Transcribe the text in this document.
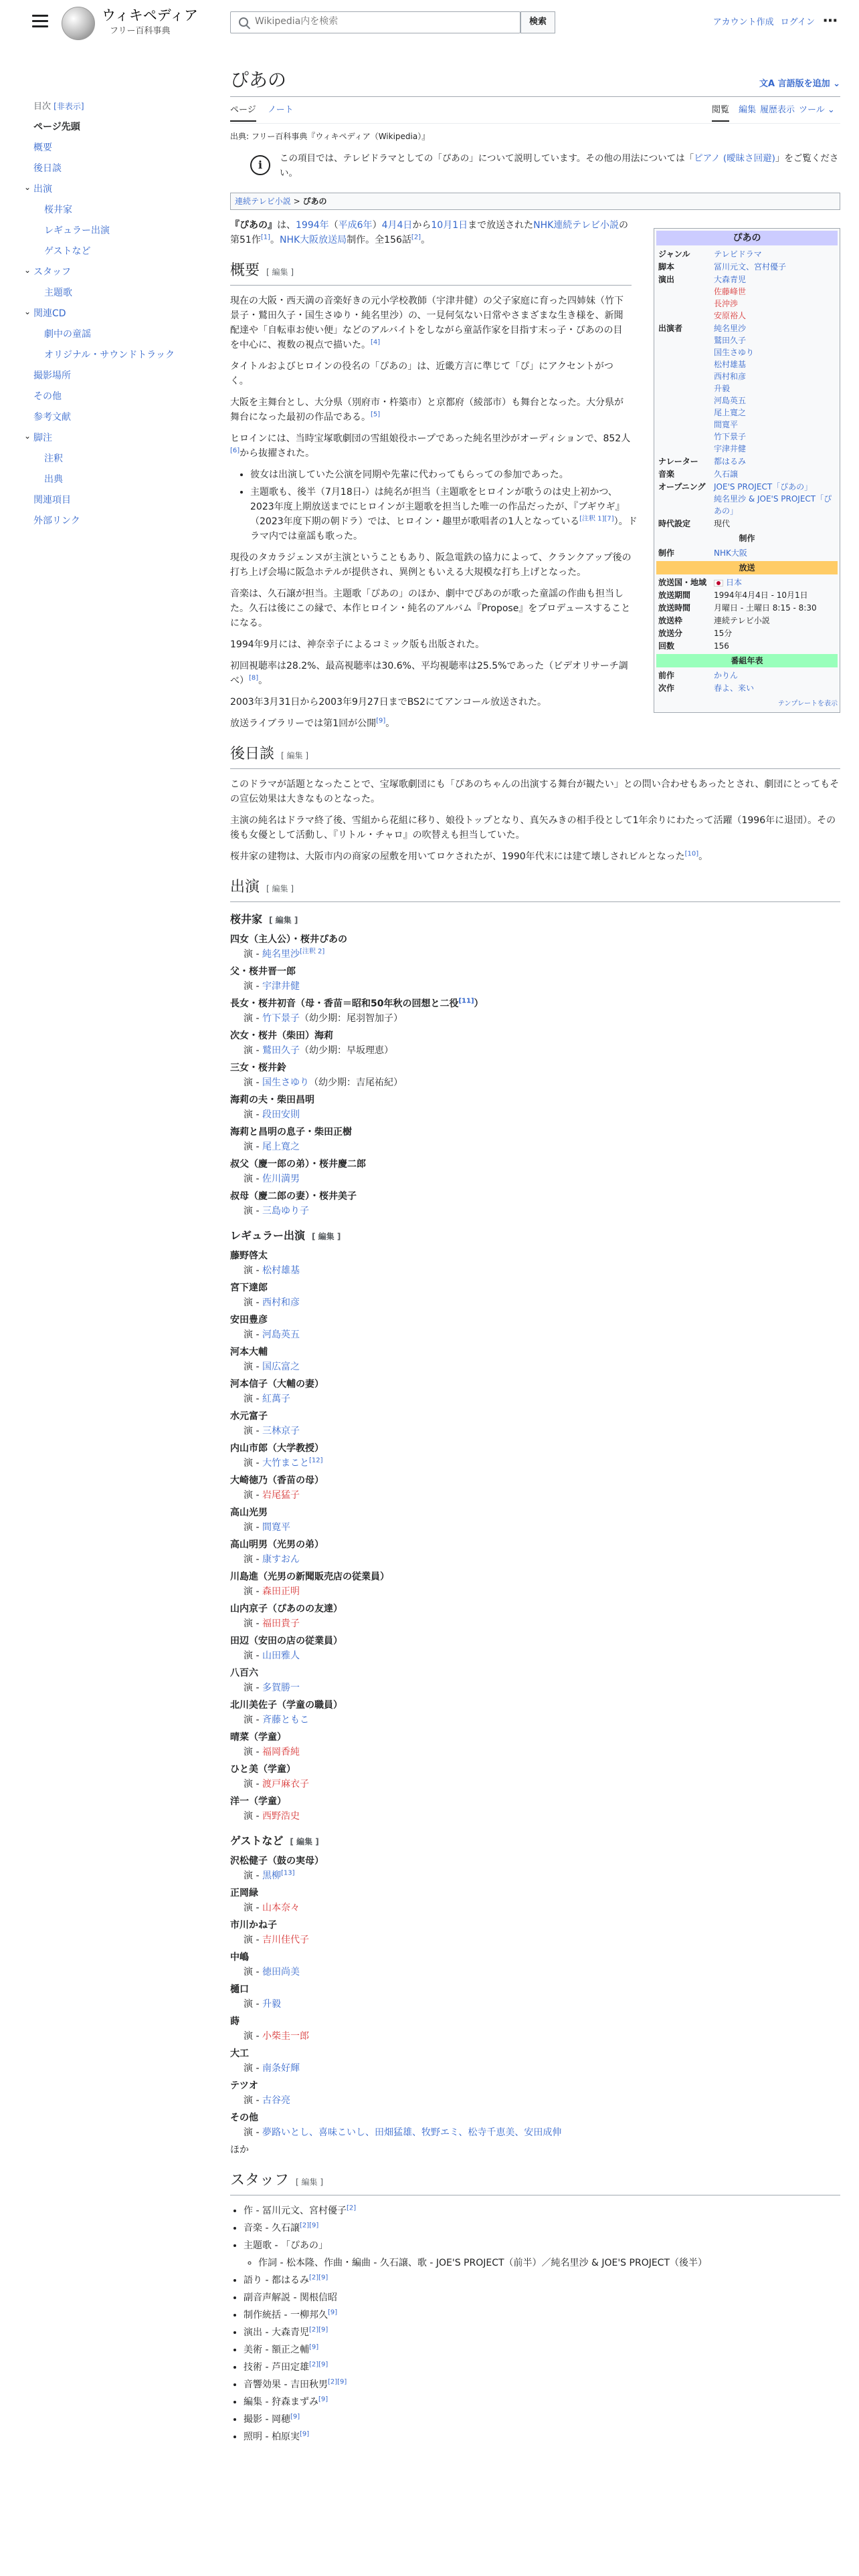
ウィキペディア
フリー百科事典
Wikipedia内を検索
検索	アカウント作成 ログイン ⋯
目次 [非表示]
ページ先頭
概要
後日談
⌄ 出演
桜井家
レギュラー出演
ゲストなど
⌄ スタッフ
主題歌
⌄ 関連CD
劇中の童謡
オリジナル・サウンドトラック
撮影場所
その他
参考文献
⌄ 脚注
注釈
出典
関連項目
外部リンク
ぴあの	文A 言語版を追加 ⌄
ページ ノート	閲覧 編集 履歴表示 ツール ⌄
出典: フリー百科事典『ウィキペディア（Wikipedia）』
i	この項目では、テレビドラマとしての「ぴあの」について説明しています。その他の用法については「ピアノ (曖昧さ回避)」をご覧ください。
連続テレビ小説 > ぴあの

『ぴあの』は、1994年（平成6年）4月4日から10月1日まで放送されたNHK連続テレビ小説の第51作[1]。NHK大阪放送局制作。全156話[2]。	ぴあの
ジャンル	テレビドラマ
脚本	冨川元文、宮村優子
演出	大森青児
佐藤峰世
長沖渉
安原裕人
出演者	純名里沙
鷲田久子
国生さゆり
松村雄基
西村和彦
升毅
河島英五
尾上寛之
間寛平
竹下景子
宇津井健
ナレーター	都はるみ
音楽	久石譲
オープニング	JOE'S PROJECT「ぴあの」
純名里沙 & JOE'S PROJECT「ぴあの」
時代設定	現代
制作
制作	NHK大阪
放送
放送国・地域	日本
放送期間	1994年4月4日 - 10月1日
放送時間	月曜日 - 土曜日 8:15 - 8:30
放送枠	連続テレビ小説
放送分	15分
回数	156
番組年表
前作	かりん
次作	春よ、来い
テンプレートを表示
概要 [ 編集 ]

現在の大阪・西天満の音楽好きの元小学校教師（宇津井健）の父子家庭に育った四姉妹（竹下景子・鷲田久子・国生さゆり・純名里沙）の、一見何気ない日常やさまざまな生き様を、新聞配達や「自転車お使い便」などのアルバイトをしながら童話作家を目指す末っ子・ぴあのの目を中心に、複数の視点で描いた。[4]

タイトルおよびヒロインの役名の「ぴあの」は、近畿方言に準じて「ぴ」にアクセントがつく。

大阪を主舞台とし、大分県（別府市・杵築市）と京都府（綾部市）も舞台となった。大分県が舞台になった最初の作品である。[5]

ヒロインには、当時宝塚歌劇団の雪組娘役ホープであった純名里沙がオーディションで、852人[6]から抜擢された。

• 彼女は出演していた公演を同期や先輩に代わってもらっての参加であった。
• 主題歌も、後半（7月18日-）は純名が担当（主題歌をヒロインが歌うのは史上初かつ、2023年度上期放送までにヒロインが主題歌を担当した唯一の作品だったが、『ブギウギ』（2023年度下期の朝ドラ）では、ヒロイン・趣里が歌唱者の1人となっている[注釈 1][7]）。ドラマ内では童謡も歌った。

現役のタカラジェンヌが主演ということもあり、阪急電鉄の協力によって、クランクアップ後の打ち上げ会場に阪急ホテルが提供され、異例ともいえる大規模な打ち上げとなった。

音楽は、久石譲が担当。主題歌「ぴあの」のほか、劇中でぴあのが歌った童謡の作曲も担当した。久石は後にこの縁で、本作ヒロイン・純名のアルバム『Propose』をプロデュースすることになる。

1994年9月には、神奈幸子によるコミック版も出版された。

初回視聴率は28.2%、最高視聴率は30.6%、平均視聴率は25.5%であった（ビデオリサーチ調べ）[8]。

2003年3月31日から2003年9月27日までBS2にてアンコール放送された。

放送ライブラリーでは第1回が公開[9]。

後日談 [ 編集 ]

このドラマが話題となったことで、宝塚歌劇団にも「ぴあのちゃんの出演する舞台が観たい」との問い合わせもあったとされ、劇団にとってもその宣伝効果は大きなものとなった。

主演の純名はドラマ終了後、雪組から花組に移り、娘役トップとなり、真矢みきの相手役として1年余りにわたって活躍（1996年に退団）。その後も女優として活動し、『リトル・チャロ』の吹替えも担当していた。

桜井家の建物は、大阪市内の商家の屋敷を用いてロケされたが、1990年代末には建て壊しされビルとなった[10]。

出演 [ 編集 ]
桜井家 [ 編集 ]
四女（主人公）・桜井ぴあの
演 - 純名里沙[注釈 2]
父・桜井晋一郎
演 - 宇津井健
長女・桜井初音（母・香苗＝昭和50年秋の回想と二役[11]）
演 - 竹下景子（幼少期：尾羽智加子）
次女・桜井（柴田）海莉
演 - 鷲田久子（幼少期：早坂理恵）
三女・桜井鈴
演 - 国生さゆり（幼少期：吉尾祐紀）
海莉の夫・柴田昌明
演 - 段田安則
海莉と昌明の息子・柴田正樹
演 - 尾上寛之
叔父（慶一郎の弟）・桜井慶二郎
演 - 佐川満男
叔母（慶二郎の妻）・桜井美子
演 - 三島ゆり子
レギュラー出演 [ 編集 ]
藤野啓太
演 - 松村雄基
宮下達郎
演 - 西村和彦
安田豊彦
演 - 河島英五
河本大輔
演 - 国広富之
河本信子（大輔の妻）
演 - 紅萬子
水元富子
演 - 三林京子
内山市郎（大学教授）
演 - 大竹まこと[12]
大崎徳乃（香苗の母）
演 - 岩尾猛子
高山光男
演 - 間寛平
高山明男（光男の弟）
演 - 康すおん
川島進（光男の新聞販売店の従業員）
演 - 森田正明
山内京子（ぴあのの友達）
演 - 福田貴子
田辺（安田の店の従業員）
演 - 山田雅人
八百六
演 - 多賀勝一
北川美佐子（学童の職員）
演 - 斉藤ともこ
晴菜（学童）
演 - 福岡香純
ひと美（学童）
演 - 渡戸麻衣子
洋一（学童）
演 - 西野浩史
ゲストなど [ 編集 ]
沢松健子（鼓の実母）
演 - 黒柳[13]
正岡緑
演 - 山本奈々
市川かね子
演 - 吉川佳代子
中嶋
演 - 徳田尚美
樋口
演 - 升毅
蒔
演 - 小柴圭一郎
大工
演 - 南条好輝
テツオ
演 - 古谷亮
その他
演 - 夢路いとし、喜味こいし、田畑猛雄、牧野エミ、松寺千恵美、安田成伸

ほか

スタッフ [ 編集 ]
• 作 - 冨川元文、宮村優子[2]
• 音楽 - 久石譲[2][9]
• 主題歌 - 「ぴあの」
◦ 作詞 - 松本隆、作曲・編曲 - 久石譲、歌 - JOE'S PROJECT（前半）／純名里沙 & JOE'S PROJECT（後半）
• 語り - 都はるみ[2][9]
• 副音声解説 - 関根信昭
• 制作統括 - 一柳邦久[9]
• 演出 - 大森青児[2][9]
• 美術 - 額正之輔[9]
• 技術 - 芦田定雄[2][9]
• 音響効果 - 吉田秋男[2][9]
• 編集 - 狩森まずみ[9]
• 撮影 - 岡穂[9]
• 照明 - 柏原実[9]
